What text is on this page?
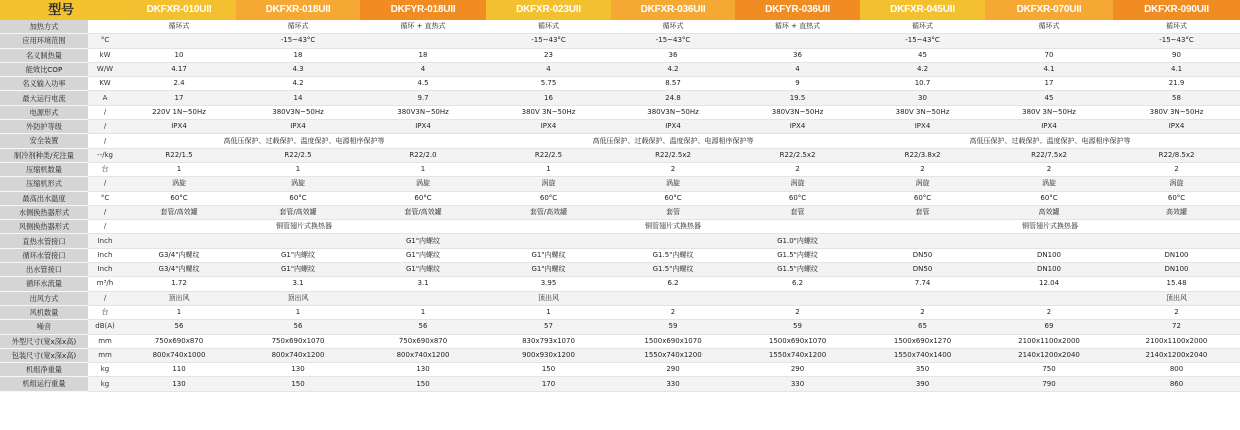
型号		DKFXR-010UII	DKFXR-018UII	DKFYR-018UII	DKFXR-023UII	DKFXR-036UII	DKFYR-036UII	DKFXR-045UII	DKFXR-070UII	DKFXR-090UII
加热方式		循环式	循环式	循环 + 直热式	循环式	循环式	循环 + 直热式	循环式	循环式	循环式
应用环境范围	°C		-15~43°C		-15~43°C	-15~43°C		-15~43°C		-15~43°C
名义制热量	kW	10	18	18	23	36	36	45	70	90
能效比COP	W/W	4.17	4.3	4	4	4.2	4	4.2	4.1	4.1
名义输入功率	KW	2.4	4.2	4.5	5.75	8.57	9	10.7	17	21.9
最大运行电流	A	17	14	9.7	16	24.8	19.5	30	45	58
电源形式	/	220V 1N~50Hz	380V3N~50Hz	380V3N~50Hz	380V 3N~50Hz	380V3N~50Hz	380V3N~50Hz	380V 3N~50Hz	380V 3N~50Hz	380V 3N~50Hz
外防护等级	/	IPX4	IPX4	IPX4	IPX4	IPX4	IPX4	IPX4	IPX4	IPX4
安全装置	/	高低压保护、过载保护、温度保护、电源相序保护等			高低压保护、过载保护、温度保护、电源相序保护等			高低压保护、过载保护、温度保护、电源相序保护等		
制冷剂种类/充注量	--/kg	R22/1.5	R22/2.5	R22/2.0	R22/2.5	R22/2.5x2	R22/2.5x2	R22/3.8x2	R22/7.5x2	R22/8.5x2
压缩机数量	台	1	1	1	1	2	2	2	2	2
压缩机形式	/	涡旋	涡旋	涡旋	涡旋	涡旋	涡旋	涡旋	涡旋	涡旋
最高出水温度	°C	60°C	60°C	60°C	60°C	60°C	60°C	60°C	60°C	60°C
水侧换热器形式	/	套管/高效罐	套管/高效罐	套管/高效罐	套管/高效罐	套管	套管	套管	高效罐	高效罐
风侧换热器形式	/	铜管翅片式换热器			铜管翅片式换热器			铜管翅片式换热器		
直热水管接口	Inch			G1"内螺纹			G1.0"内螺纹			
循环水管接口	Inch	G3/4"内螺纹	G1"内螺纹	G1"内螺纹	G1"内螺纹	G1.5"内螺纹	G1.5"内螺纹	DN50	DN100	DN100
出水管接口	Inch	G3/4"内螺纹	G1"内螺纹	G1"内螺纹	G1"内螺纹	G1.5"内螺纹	G1.5"内螺纹	DN50	DN100	DN100
循环水流量	m³/h	1.72	3.1	3.1	3.95	6.2	6.2	7.74	12.04	15.48
出风方式	/	顶出风	顶出风		顶出风					顶出风
风机数量	台	1	1	1	1	2	2	2	2	2
噪音	dB(A)	56	56	56	57	59	59	65	69	72
外型尺寸(宽x深x高)	mm	750x690x870	750x690x1070	750x690x870	830x793x1070	1500x690x1070	1500x690x1070	1500x690x1270	2100x1100x2000	2100x1100x2000
包装尺寸(宽x深x高)	mm	800x740x1000	800x740x1200	800x740x1200	900x930x1200	1550x740x1200	1550x740x1200	1550x740x1400	2140x1200x2040	2140x1200x2040
机组净重量	kg	110	130	130	150	290	290	350	750	800
机组运行重量	kg	130	150	150	170	330	330	390	790	860
